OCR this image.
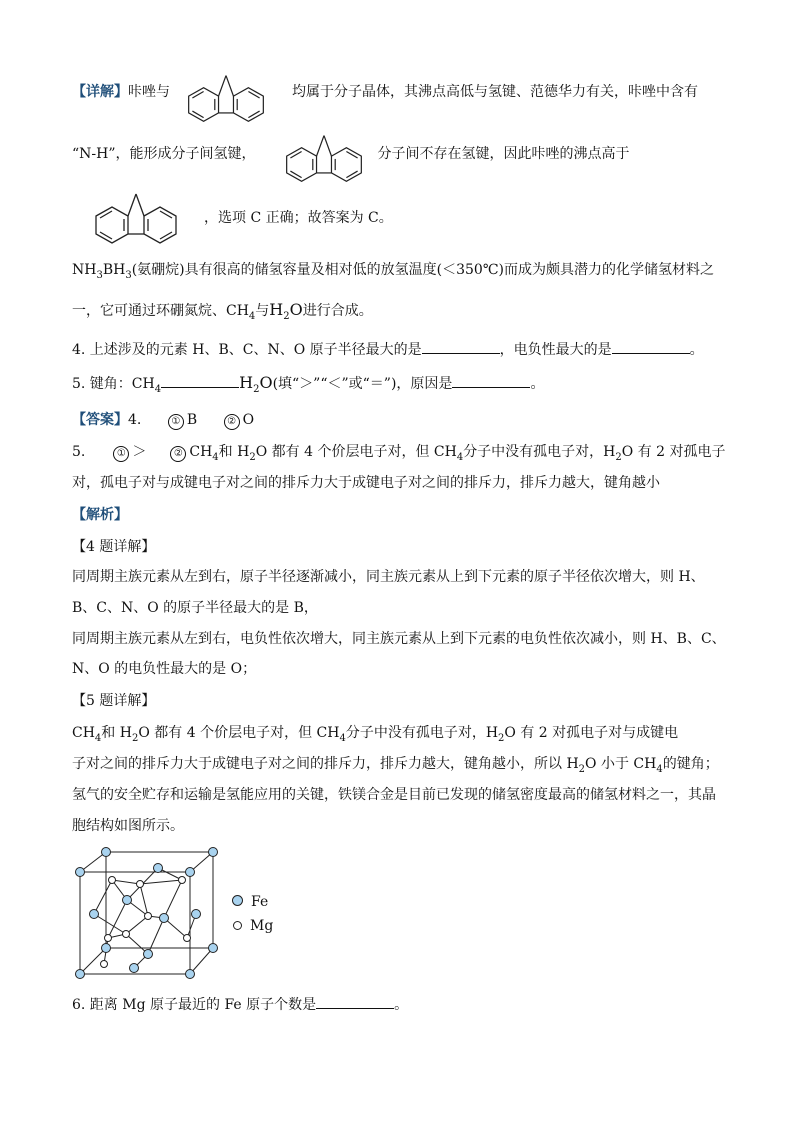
【详解】咔唑与	均属于分子晶体，其沸点高低与氢键、范德华力有关，咔唑中含有
“N-H”，能形成分子间氢键，	分子间不存在氢键，因此咔唑的沸点高于
，选项 C 正确；故答案为 C。
$NH_3BH_3$(氨硼烷)具有很高的储氢容量及相对低的放氢温度(＜350℃)而成为颇具潜力的化学储氢材料之
一，它可通过环硼氮烷、$CH_4$与$H_2O$进行合成。
4. 上述涉及的元素 H、B、C、N、O 原子半径最大的是	，电负性最大的是	。
5. 键角：$CH_4$	$H_2O$(填“＞”“＜”或“＝”)，原因是	。
【答案】4.	① B	② O
5.	① ＞	② $CH_4$和 $H_2O$ 都有 4 个价层电子对，但 $CH_4$分子中没有孤电子对，$H_2O$ 有 2 对孤电子
对，孤电子对与成键电子对之间的排斥力大于成键电子对之间的排斥力，排斥力越大，键角越小
【解析】
【4 题详解】
同周期主族元素从左到右，原子半径逐渐减小，同主族元素从上到下元素的原子半径依次增大，则 H、
B、C、N、O 的原子半径最大的是 B，
同周期主族元素从左到右，电负性依次增大，同主族元素从上到下元素的电负性依次减小，则 H、B、C、
N、O 的电负性最大的是 O；
【5 题详解】
$CH_4$和 $H_2O$ 都有 4 个价层电子对，但 $CH_4$分子中没有孤电子对，$H_2O$ 有 2 对孤电子对与成键电
子对之间的排斥力大于成键电子对之间的排斥力，排斥力越大，键角越小，所以 $H_2O$ 小于 $CH_4$的键角；
氢气的安全贮存和运输是氢能应用的关键，铁镁合金是目前已发现的储氢密度最高的储氢材料之一，其晶
胞结构如图所示。
Fe
Mg
6. 距离 Mg 原子最近的 Fe 原子个数是	。
